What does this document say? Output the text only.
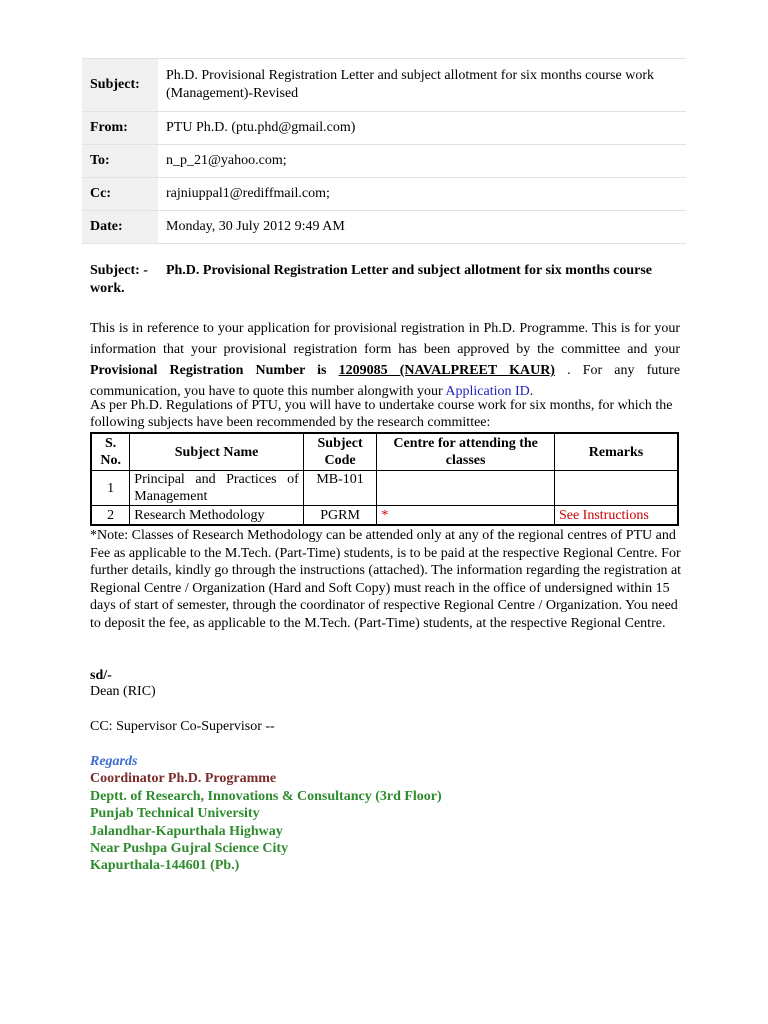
Subject:	Ph.D. Provisional Registration Letter and subject allotment for six months course work (Management)-Revised
From:	PTU Ph.D. (ptu.phd@gmail.com)
To:	n_p_21@yahoo.com;
Cc:	rajniuppal1@rediffmail.com;
Date:	Monday, 30 July 2012 9:49 AM
Subject: - Ph.D. Provisional Registration Letter and subject allotment for six months course work.
This is in reference to your application for provisional registration in Ph.D. Programme. This is for your information that your provisional registration form has been approved by the committee and your Provisional Registration Number is 1209085 (NAVALPREET KAUR) . For any future communication, you have to quote this number alongwith your Application ID.
As per Ph.D. Regulations of PTU, you will have to undertake course work for six months, for which the following subjects have been recommended by the research committee:
S. No.	Subject Name	Subject Code	Centre for attending the classes	Remarks
1	Principal and Practices of Management	MB-101		
2	Research Methodology	PGRM	*	See Instructions
*Note: Classes of Research Methodology can be attended only at any of the regional centres of PTU and Fee as applicable to the M.Tech. (Part-Time) students, is to be paid at the respective Regional Centre. For further details, kindly go through the instructions (attached). The information regarding the registration at Regional Centre / Organization (Hard and Soft Copy) must reach in the office of undersigned within 15 days of start of semester, through the coordinator of respective Regional Centre / Organization. You need to deposit the fee, as applicable to the M.Tech. (Part-Time) students, at the respective Regional Centre.
sd/-
Dean (RIC)
CC: Supervisor Co-Supervisor --
Regards
Coordinator Ph.D. Programme
Deptt. of Research, Innovations & Consultancy (3rd Floor)
Punjab Technical University
Jalandhar-Kapurthala Highway
Near Pushpa Gujral Science City
Kapurthala-144601 (Pb.)
